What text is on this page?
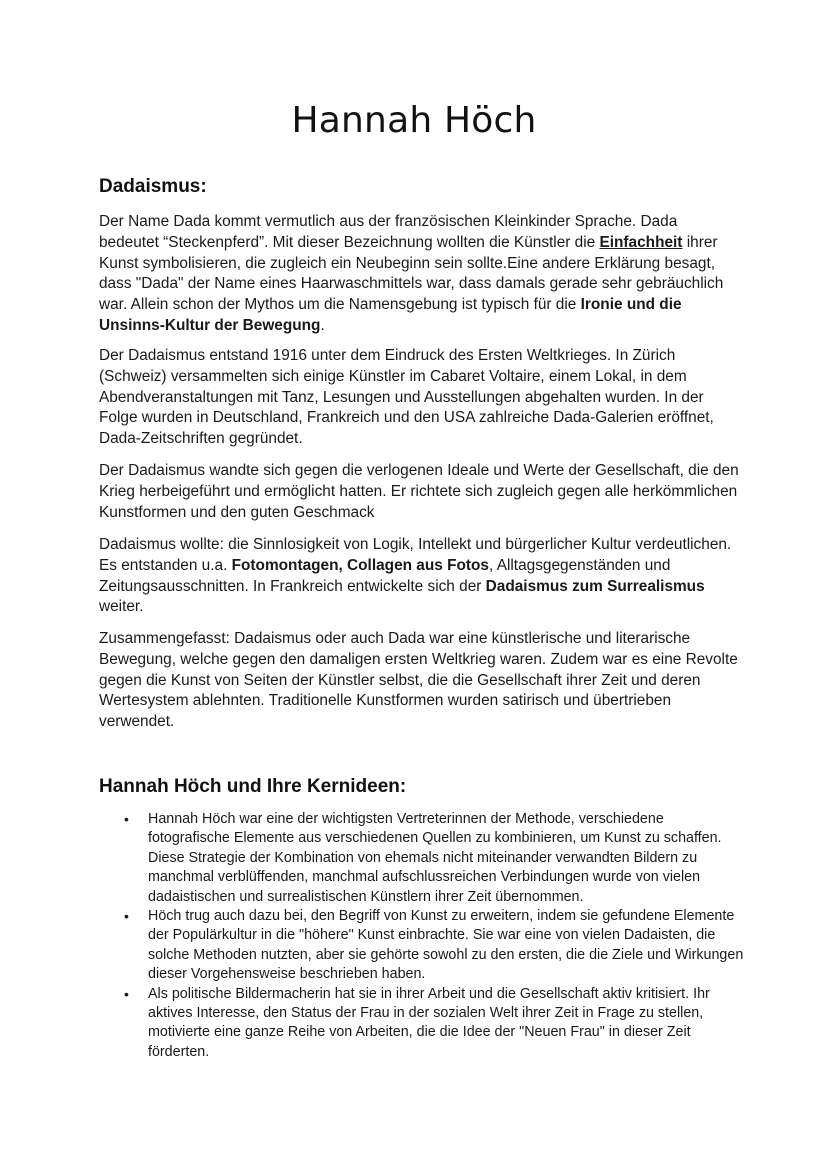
Hannah Höch
Dadaismus:

Der Name Dada kommt vermutlich aus der französischen Kleinkinder Sprache. Dada bedeutet “Steckenpferd”. Mit dieser Bezeichnung wollten die Künstler die Einfachheit ihrer Kunst symbolisieren, die zugleich ein Neubeginn sein sollte.Eine andere Erklärung besagt, dass "Dada" der Name eines Haarwaschmittels war, dass damals gerade sehr gebräuchlich war. Allein schon der Mythos um die Namensgebung ist typisch für die Ironie und die Unsinns-Kultur der Bewegung.

Der Dadaismus entstand 1916 unter dem Eindruck des Ersten Weltkrieges. In Zürich (Schweiz) versammelten sich einige Künstler im Cabaret Voltaire, einem Lokal, in dem Abendveranstaltungen mit Tanz, Lesungen und Ausstellungen abgehalten wurden. In der Folge wurden in Deutschland, Frankreich und den USA zahlreiche Dada-Galerien eröffnet, Dada-Zeitschriften gegründet.

Der Dadaismus wandte sich gegen die verlogenen Ideale und Werte der Gesellschaft, die den Krieg herbeigeführt und ermöglicht hatten. Er richtete sich zugleich gegen alle herkömmlichen Kunstformen und den guten Geschmack

Dadaismus wollte: die Sinnlosigkeit von Logik, Intellekt und bürgerlicher Kultur verdeutlichen. Es entstanden u.a. Fotomontagen, Collagen aus Fotos, Alltagsgegenständen und Zeitungsausschnitten. In Frankreich entwickelte sich der Dadaismus zum Surrealismus weiter.

Zusammengefasst: Dadaismus oder auch Dada war eine künstlerische und literarische Bewegung, welche gegen den damaligen ersten Weltkrieg waren. Zudem war es eine Revolte gegen die Kunst von Seiten der Künstler selbst, die die Gesellschaft ihrer Zeit und deren Wertesystem ablehnten. Traditionelle Kunstformen wurden satirisch und übertrieben verwendet.

Hannah Höch und Ihre Kernideen:
• Hannah Höch war eine der wichtigsten Vertreterinnen der Methode, verschiedene fotografische Elemente aus verschiedenen Quellen zu kombinieren, um Kunst zu schaffen. Diese Strategie der Kombination von ehemals nicht miteinander verwandten Bildern zu manchmal verblüffenden, manchmal aufschlussreichen Verbindungen wurde von vielen dadaistischen und surrealistischen Künstlern ihrer Zeit übernommen.
• Höch trug auch dazu bei, den Begriff von Kunst zu erweitern, indem sie gefundene Elemente der Populärkultur in die "höhere" Kunst einbrachte. Sie war eine von vielen Dadaisten, die solche Methoden nutzten, aber sie gehörte sowohl zu den ersten, die die Ziele und Wirkungen dieser Vorgehensweise beschrieben haben.
• Als politische Bildermacherin hat sie in ihrer Arbeit und die Gesellschaft aktiv kritisiert. Ihr aktives Interesse, den Status der Frau in der sozialen Welt ihrer Zeit in Frage zu stellen, motivierte eine ganze Reihe von Arbeiten, die die Idee der "Neuen Frau" in dieser Zeit förderten.
